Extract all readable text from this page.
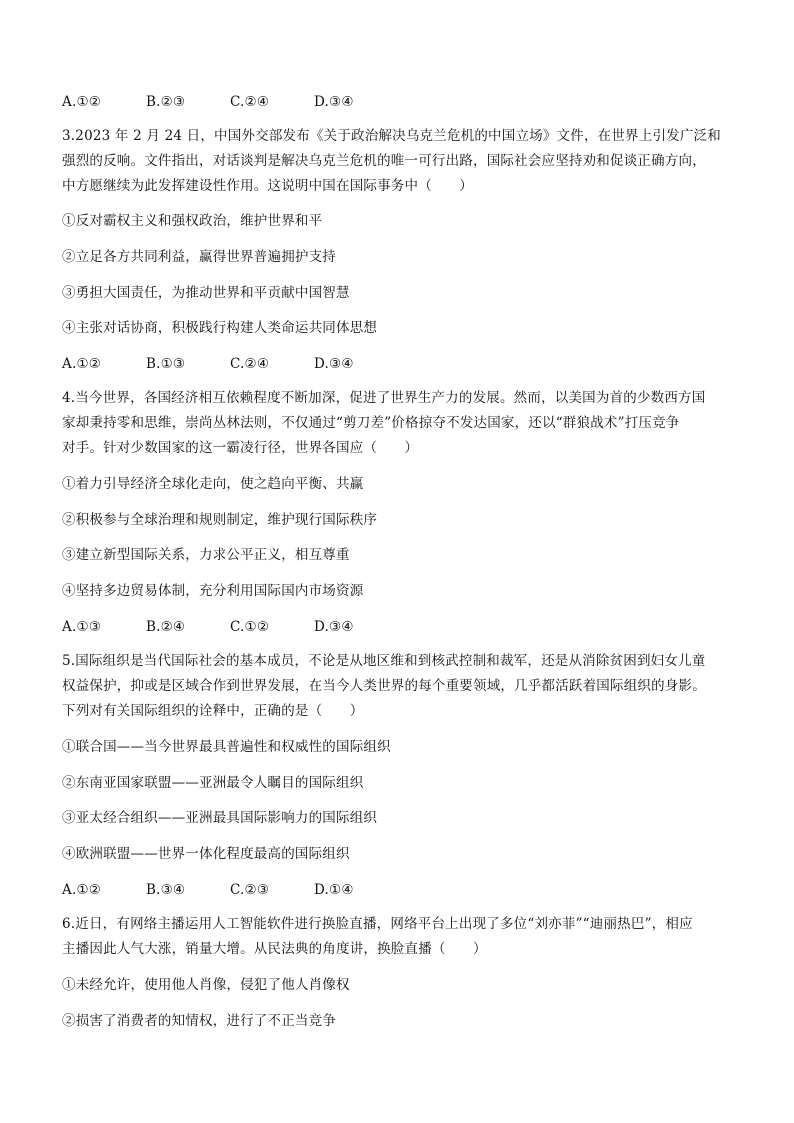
A.①②	B.②③	C.②④	D.③④
3.2023 年 2 月 24 日，中国外交部发布《关于政治解决乌克兰危机的中国立场》文件，在世界上引发广泛和
强烈的反响。文件指出，对话谈判是解决乌克兰危机的唯一可行出路，国际社会应坚持劝和促谈正确方向，
中方愿继续为此发挥建设性作用。这说明中国在国际事务中（　　）
①反对霸权主义和强权政治，维护世界和平
②立足各方共同利益，赢得世界普遍拥护支持
③勇担大国责任，为推动世界和平贡献中国智慧
④主张对话协商，积极践行构建人类命运共同体思想
A.①②	B.①③	C.②④	D.③④
4.当今世界，各国经济相互依赖程度不断加深，促进了世界生产力的发展。然而，以美国为首的少数西方国
家却秉持零和思维，崇尚丛林法则，不仅通过“剪刀差”价格掠夺不发达国家，还以“群狼战术”打压竞争
对手。针对少数国家的这一霸凌行径，世界各国应（　　）
①着力引导经济全球化走向，使之趋向平衡、共赢
②积极参与全球治理和规则制定，维护现行国际秩序
③建立新型国际关系，力求公平正义，相互尊重
④坚持多边贸易体制，充分利用国际国内市场资源
A.①③	B.②④	C.①②	D.③④
5.国际组织是当代国际社会的基本成员，不论是从地区维和到核武控制和裁军，还是从消除贫困到妇女儿童
权益保护，抑或是区域合作到世界发展，在当今人类世界的每个重要领域，几乎都活跃着国际组织的身影。
下列对有关国际组织的诠释中，正确的是（　　）
①联合国——当今世界最具普遍性和权威性的国际组织
②东南亚国家联盟——亚洲最令人瞩目的国际组织
③亚太经合组织——亚洲最具国际影响力的国际组织
④欧洲联盟——世界一体化程度最高的国际组织
A.①②	B.③④	C.②③	D.①④
6.近日，有网络主播运用人工智能软件进行换脸直播，网络平台上出现了多位“刘亦菲”“迪丽热巴”，相应
主播因此人气大涨，销量大增。从民法典的角度讲，换脸直播（　　）
①未经允许，使用他人肖像，侵犯了他人肖像权
②损害了消费者的知情权，进行了不正当竞争
